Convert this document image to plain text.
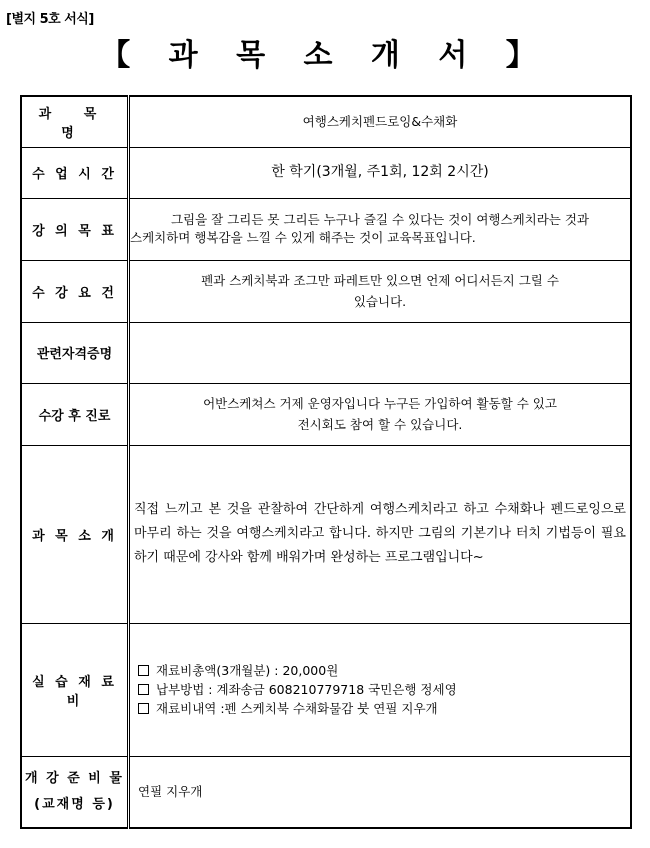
[별지 5호 서식]
【 과 목 소 개 서 】
과 목 명	여행스케치펜드로잉&수채화
수 업 시 간	한 학기(3개월, 주1회, 12회 2시간)
강 의 목 표	그림을 잘 그리든 못 그리든 누구나 즐길 수 있다는 것이 여행스케치라는 것과
스케치하며 행복감을 느낄 수 있게 해주는 것이 교육목표입니다.

수 강 요 건	펜과 스케치북과 조그만 파레트만 있으면 언제 어디서든지 그릴 수
있습니다.

관련자격증명	
수강 후 진로	어반스케쳐스 거제 운영자입니다 누구든 가입하여 활동할 수 있고
전시회도 참여 할 수 있습니다.

과 목 소 개	직접 느끼고 본 것을 관찰하여 간단하게 여행스케치라고 하고 수채화나 펜드로잉으로 마무리 하는 것을 여행스케치라고 합니다. 하지만 그림의 기본기나 터치 기법등이 필요하기 때문에 강사와 함께 배워가며 완성하는 프로그램입니다~
실 습 재 료 비	재료비총액(3개월분) : 20,000원
납부방법 : 계좌송금 608210779718 국민은행 정세영
재료비내역 :펜 스케치북 수채화물감 붓 연필 지우개

개 강 준 비 물
(교재명 등)	연필 지우개
